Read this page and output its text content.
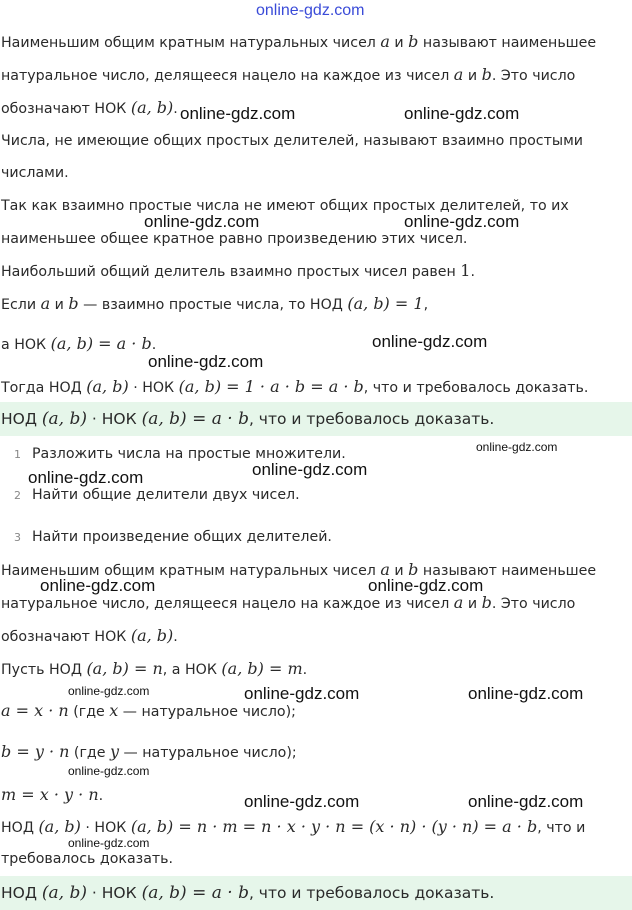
online-gdz.com
Наименьшим общим кратным натуральных чисел a и b называют наименьшее
натуральное число, делящееся нацело на каждое из чисел a и b. Это число
обозначают НОК (a, b).
Числа, не имеющие общих простых делителей, называют взаимно простыми
числами.
Так как взаимно простые числа не имеют общих простых делителей, то их
наименьшее общее кратное равно произведению этих чисел.
Наибольший общий делитель взаимно простых чисел равен 1.
Если a и b — взаимно простые числа, то НОД (a, b) = 1,
а НОК (a, b) = a · b.
Тогда НОД (a, b) · НОК (a, b) = 1 · a · b = a · b, что и требовалось доказать.
НОД (a, b) · НОК (a, b) = a · b, что и требовалось доказать.
1 Разложить числа на простые множители.
2 Найти общие делители двух чисел.
3 Найти произведение общих делителей.
Наименьшим общим кратным натуральных чисел a и b называют наименьшее
натуральное число, делящееся нацело на каждое из чисел a и b. Это число
обозначают НОК (a, b).
Пусть НОД (a, b) = n, а НОК (a, b) = m.
a = x · n (где x — натуральное число);
b = y · n (где y — натуральное число);
m = x · y · n.
НОД (a, b) · НОК (a, b) = n · m = n · x · y · n = (x · n) · (y · n) = a · b, что и
требовалось доказать.
НОД (a, b) · НОК (a, b) = a · b, что и требовалось доказать.
online-gdz.com	online-gdz.com
online-gdz.com	online-gdz.com
online-gdz.com
online-gdz.com
online-gdz.com
online-gdz.com
online-gdz.com
online-gdz.com	online-gdz.com
online-gdz.com	online-gdz.com	online-gdz.com
online-gdz.com
online-gdz.com	online-gdz.com
online-gdz.com
